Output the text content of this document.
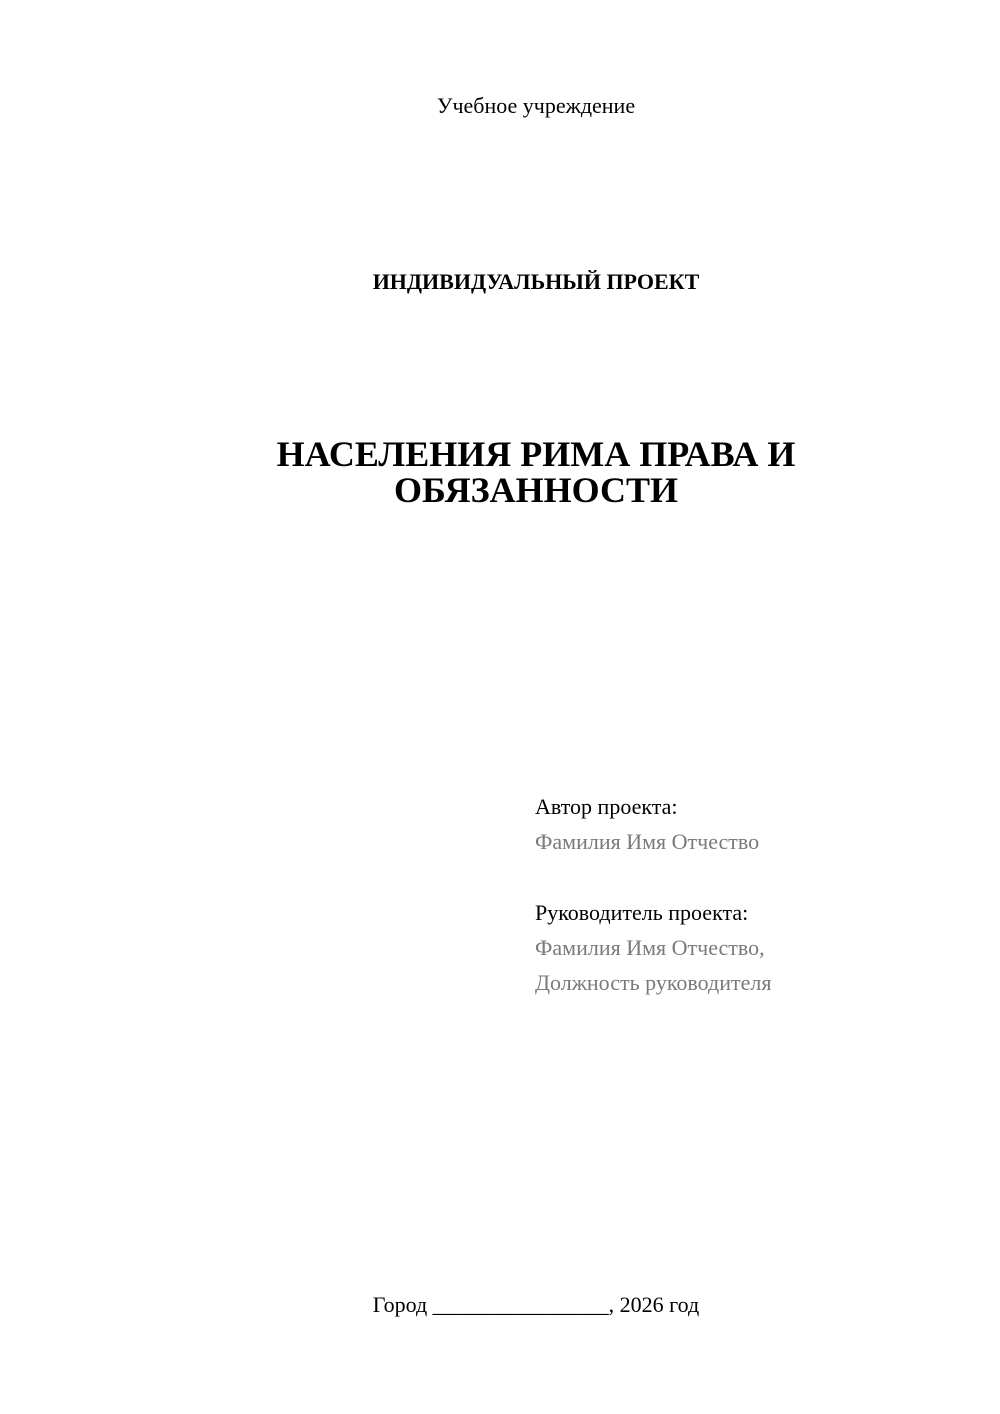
Учебное учреждение
ИНДИВИДУАЛЬНЫЙ ПРОЕКТ
НАСЕЛЕНИЯ РИМА ПРАВА И
ОБЯЗАННОСТИ
Автор проекта:
Фамилия Имя Отчество
Руководитель проекта:
Фамилия Имя Отчество,
Должность руководителя
Город ________________, 2026 год
